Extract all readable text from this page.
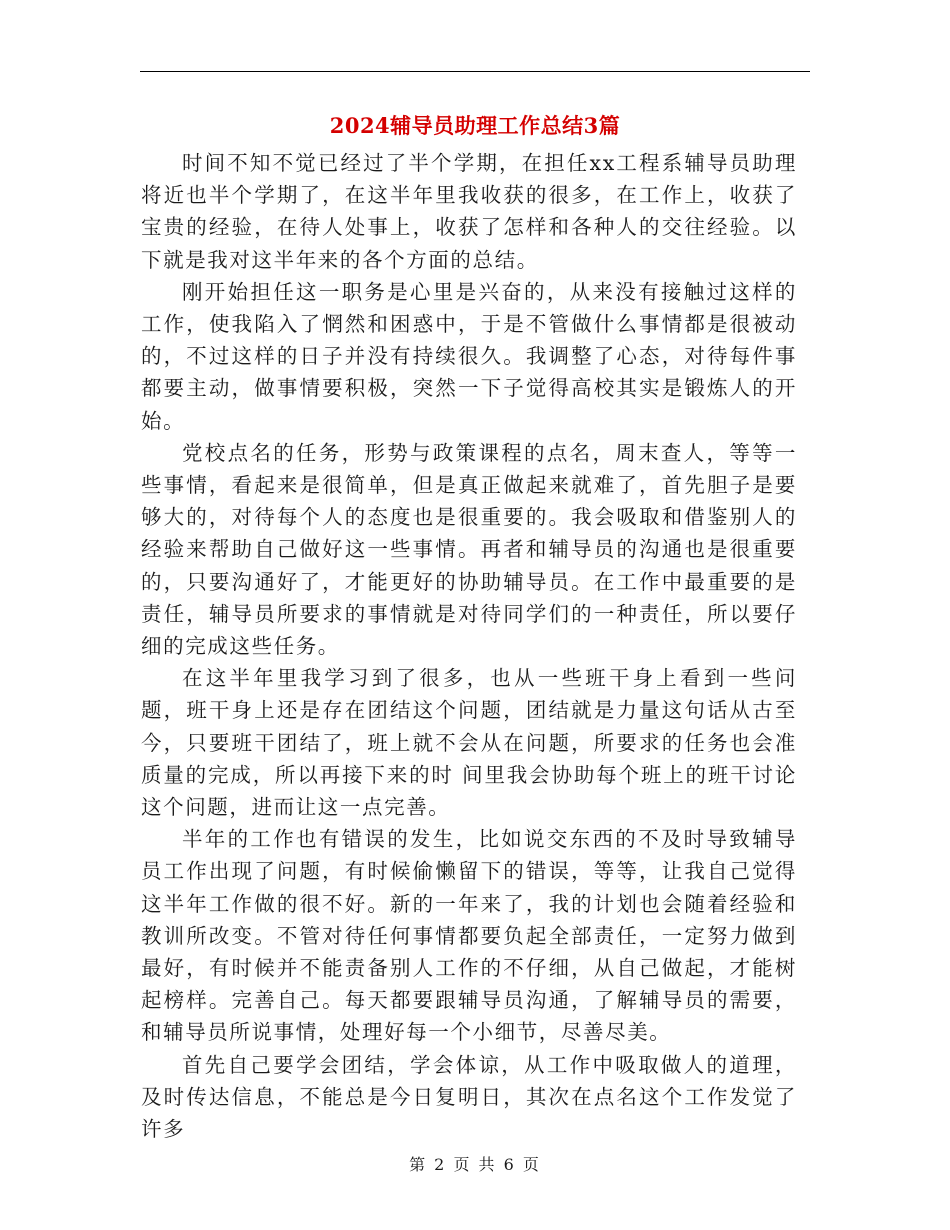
2024辅导员助理工作总结3篇

时间不知不觉已经过了半个学期，在担任xx工程系辅导员助理将近也半个学期了，在这半年里我收获的很多，在工作上，收获了宝贵的经验，在待人处事上，收获了怎样和各种人的交往经验。以下就是我对这半年来的各个方面的总结。

刚开始担任这一职务是心里是兴奋的，从来没有接触过这样的工作，使我陷入了惘然和困惑中，于是不管做什么事情都是很被动的，不过这样的日子并没有持续很久。我调整了心态，对待每件事都要主动，做事情要积极，突然一下子觉得高校其实是锻炼人的开始。

党校点名的任务，形势与政策课程的点名，周末查人，等等一些事情，看起来是很简单，但是真正做起来就难了，首先胆子是要够大的，对待每个人的态度也是很重要的。我会吸取和借鉴别人的经验来帮助自己做好这一些事情。再者和辅导员的沟通也是很重要的，只要沟通好了，才能更好的协助辅导员。在工作中最重要的是责任，辅导员所要求的事情就是对待同学们的一种责任，所以要仔细的完成这些任务。

在这半年里我学习到了很多，也从一些班干身上看到一些问题，班干身上还是存在团结这个问题，团结就是力量这句话从古至今，只要班干团结了，班上就不会从在问题，所要求的任务也会准质量的完成，所以再接下来的时 间里我会协助每个班上的班干讨论这个问题，进而让这一点完善。

半年的工作也有错误的发生，比如说交东西的不及时导致辅导员工作出现了问题，有时候偷懒留下的错误，等等，让我自己觉得这半年工作做的很不好。新的一年来了，我的计划也会随着经验和教训所改变。不管对待任何事情都要负起全部责任，一定努力做到最好，有时候并不能责备别人工作的不仔细，从自己做起，才能树起榜样。完善自己。每天都要跟辅导员沟通，了解辅导员的需要，和辅导员所说事情，处理好每一个小细节，尽善尽美。

首先自己要学会团结，学会体谅，从工作中吸取做人的道理，及时传达信息，不能总是今日复明日，其次在点名这个工作发觉了许多

第 2 页 共 6 页
